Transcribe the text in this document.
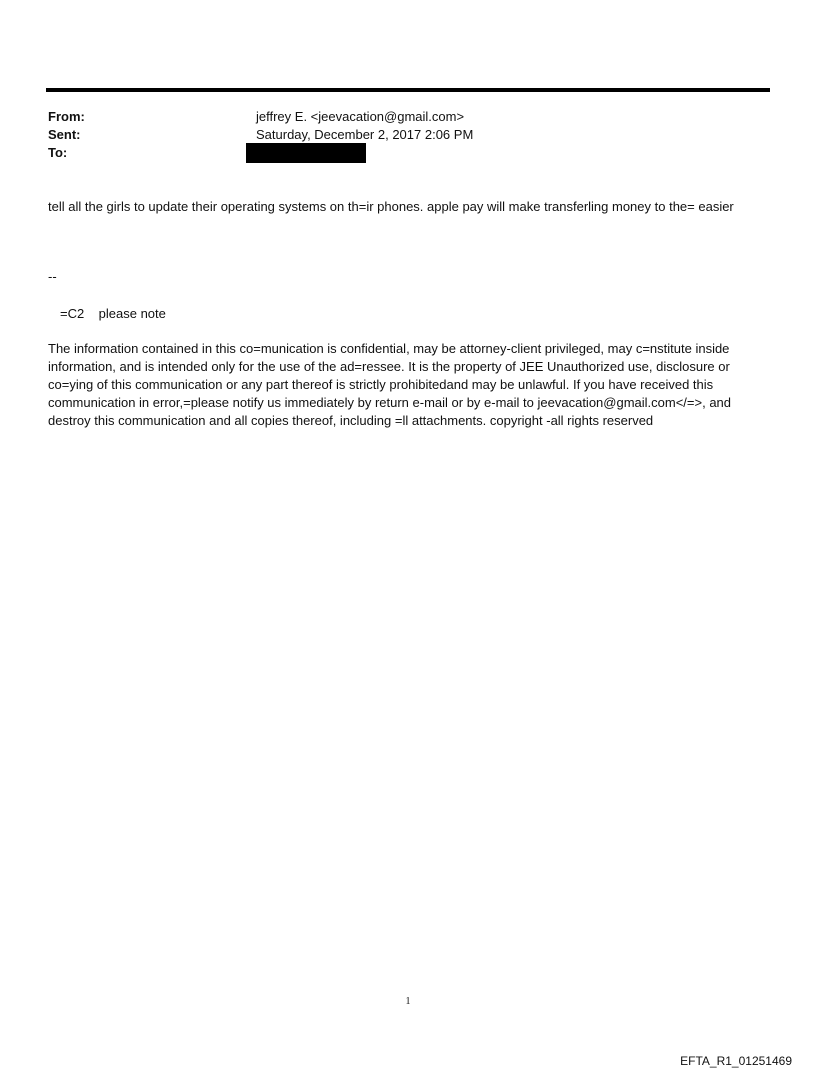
From:	jeffrey E. <jeevacation@gmail.com>
Sent:	Saturday, December 2, 2017 2:06 PM
To:
tell all the girls to update their operating systems on th=ir phones. apple pay will make transferling money to the= easier
--
=C2    please note
The information contained in this co=munication is confidential, may be attorney-client privileged, may c=nstitute inside information, and is intended only for the use of the ad=ressee. It is the property of JEE Unauthorized use, disclosure or co=ying of this communication or any part thereof is strictly prohibitedand may be unlawful. If you have received this communication in error,=please notify us immediately by return e-mail or by e-mail to jeevacation@gmail.com</=>, and destroy this communication and all copies thereof, including =ll attachments. copyright -all rights reserved
1
EFTA_R1_01251469
